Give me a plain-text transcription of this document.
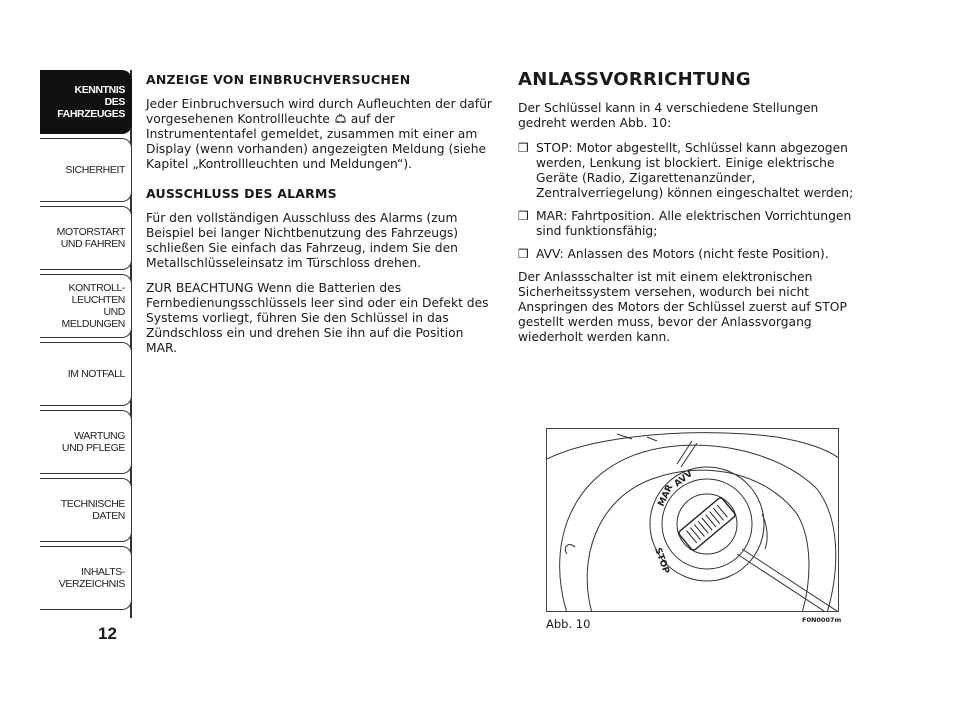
KENNTNIS
DES FAHRZEUGES
SICHERHEIT
MOTORSTART
UND FAHREN
KONTROLL-
LEUCHTEN
UND MELDUNGEN
IM NOTFALL
WARTUNG
UND PFLEGE
TECHNISCHE
DATEN
INHALTS-
VERZEICHNIS
12
ANZEIGE VON EINBRUCHVERSUCHEN

Jeder Einbruchversuch wird durch Aufleuchten der dafür vorgesehenen Kontrollleuchte auf der Instrumententafel gemeldet, zusammen mit einer am Display (wenn vorhanden) angezeigten Meldung (siehe Kapitel „Kontrollleuchten und Meldungen“).

AUSSCHLUSS DES ALARMS

Für den vollständigen Ausschluss des Alarms (zum Beispiel bei langer Nichtbenutzung des Fahrzeugs) schließen Sie einfach das Fahrzeug, indem Sie den Metallschlüsseleinsatz im Türschloss drehen.

ZUR BEACHTUNG Wenn die Batterien des Fernbedienungsschlüssels leer sind oder ein Defekt des Systems vorliegt, führen Sie den Schlüssel in das Zündschloss ein und drehen Sie ihn auf die Position MAR.

ANLASSVORRICHTUNG

Der Schlüssel kann in 4 verschiedene Stellungen gedreht werden Abb. 10:

❒ STOP: Motor abgestellt, Schlüssel kann abgezogen werden, Lenkung ist blockiert. Einige elektrische Geräte (Radio, Zigarettenanzünder, Zentralverriegelung) können eingeschaltet werden;
❒ MAR: Fahrtposition. Alle elektrischen Vorrichtungen sind funktionsfähig;
❒ AVV: Anlassen des Motors (nicht feste Position).

Der Anlassschalter ist mit einem elektronischen Sicherheitssystem versehen, wodurch bei nicht Anspringen des Motors der Schlüssel zuerst auf STOP gestellt werden muss, bevor der Anlassvorgang wiederholt werden kann.

STOP
MAR
AVV
Abb. 10	F0N0007m
